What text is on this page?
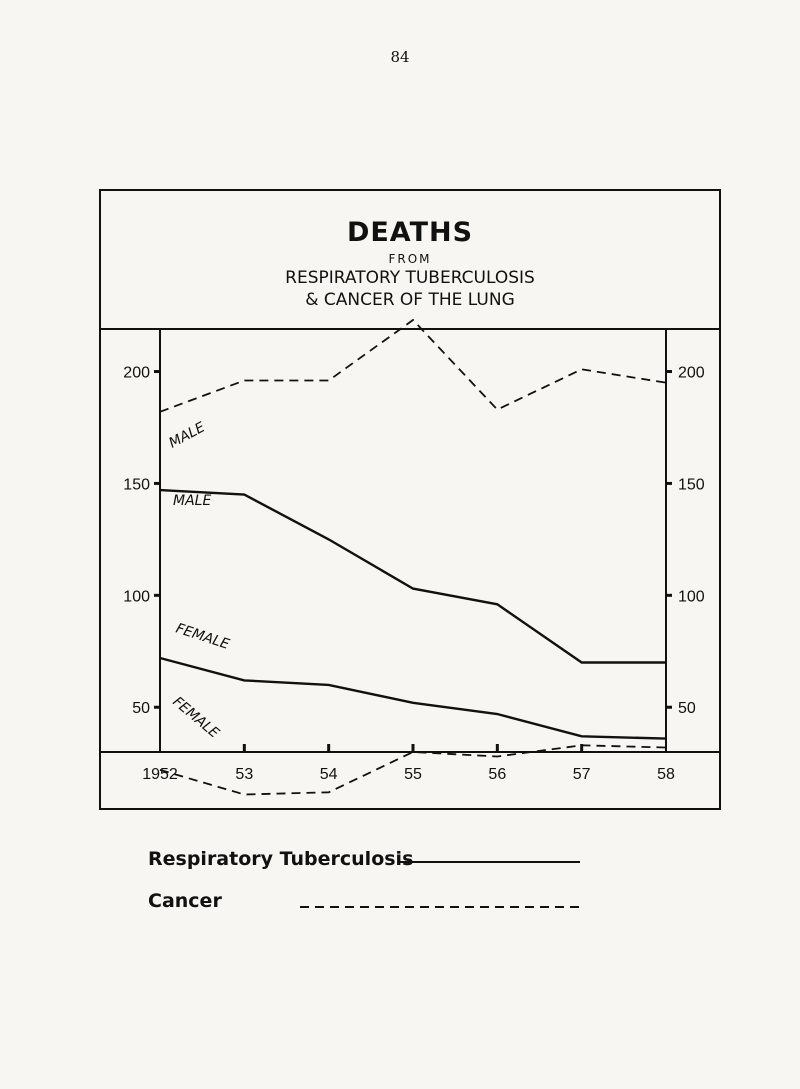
84
DEATHS
FROM
RESPIRATORY TUBERCULOSIS
& CANCER OF THE LUNG
200	200
150	150
100	100
50	50
1952	53	54	55	56	57	58
MALE
MALE
FEMALE
FEMALE
Respiratory Tuberculosis
Cancer
